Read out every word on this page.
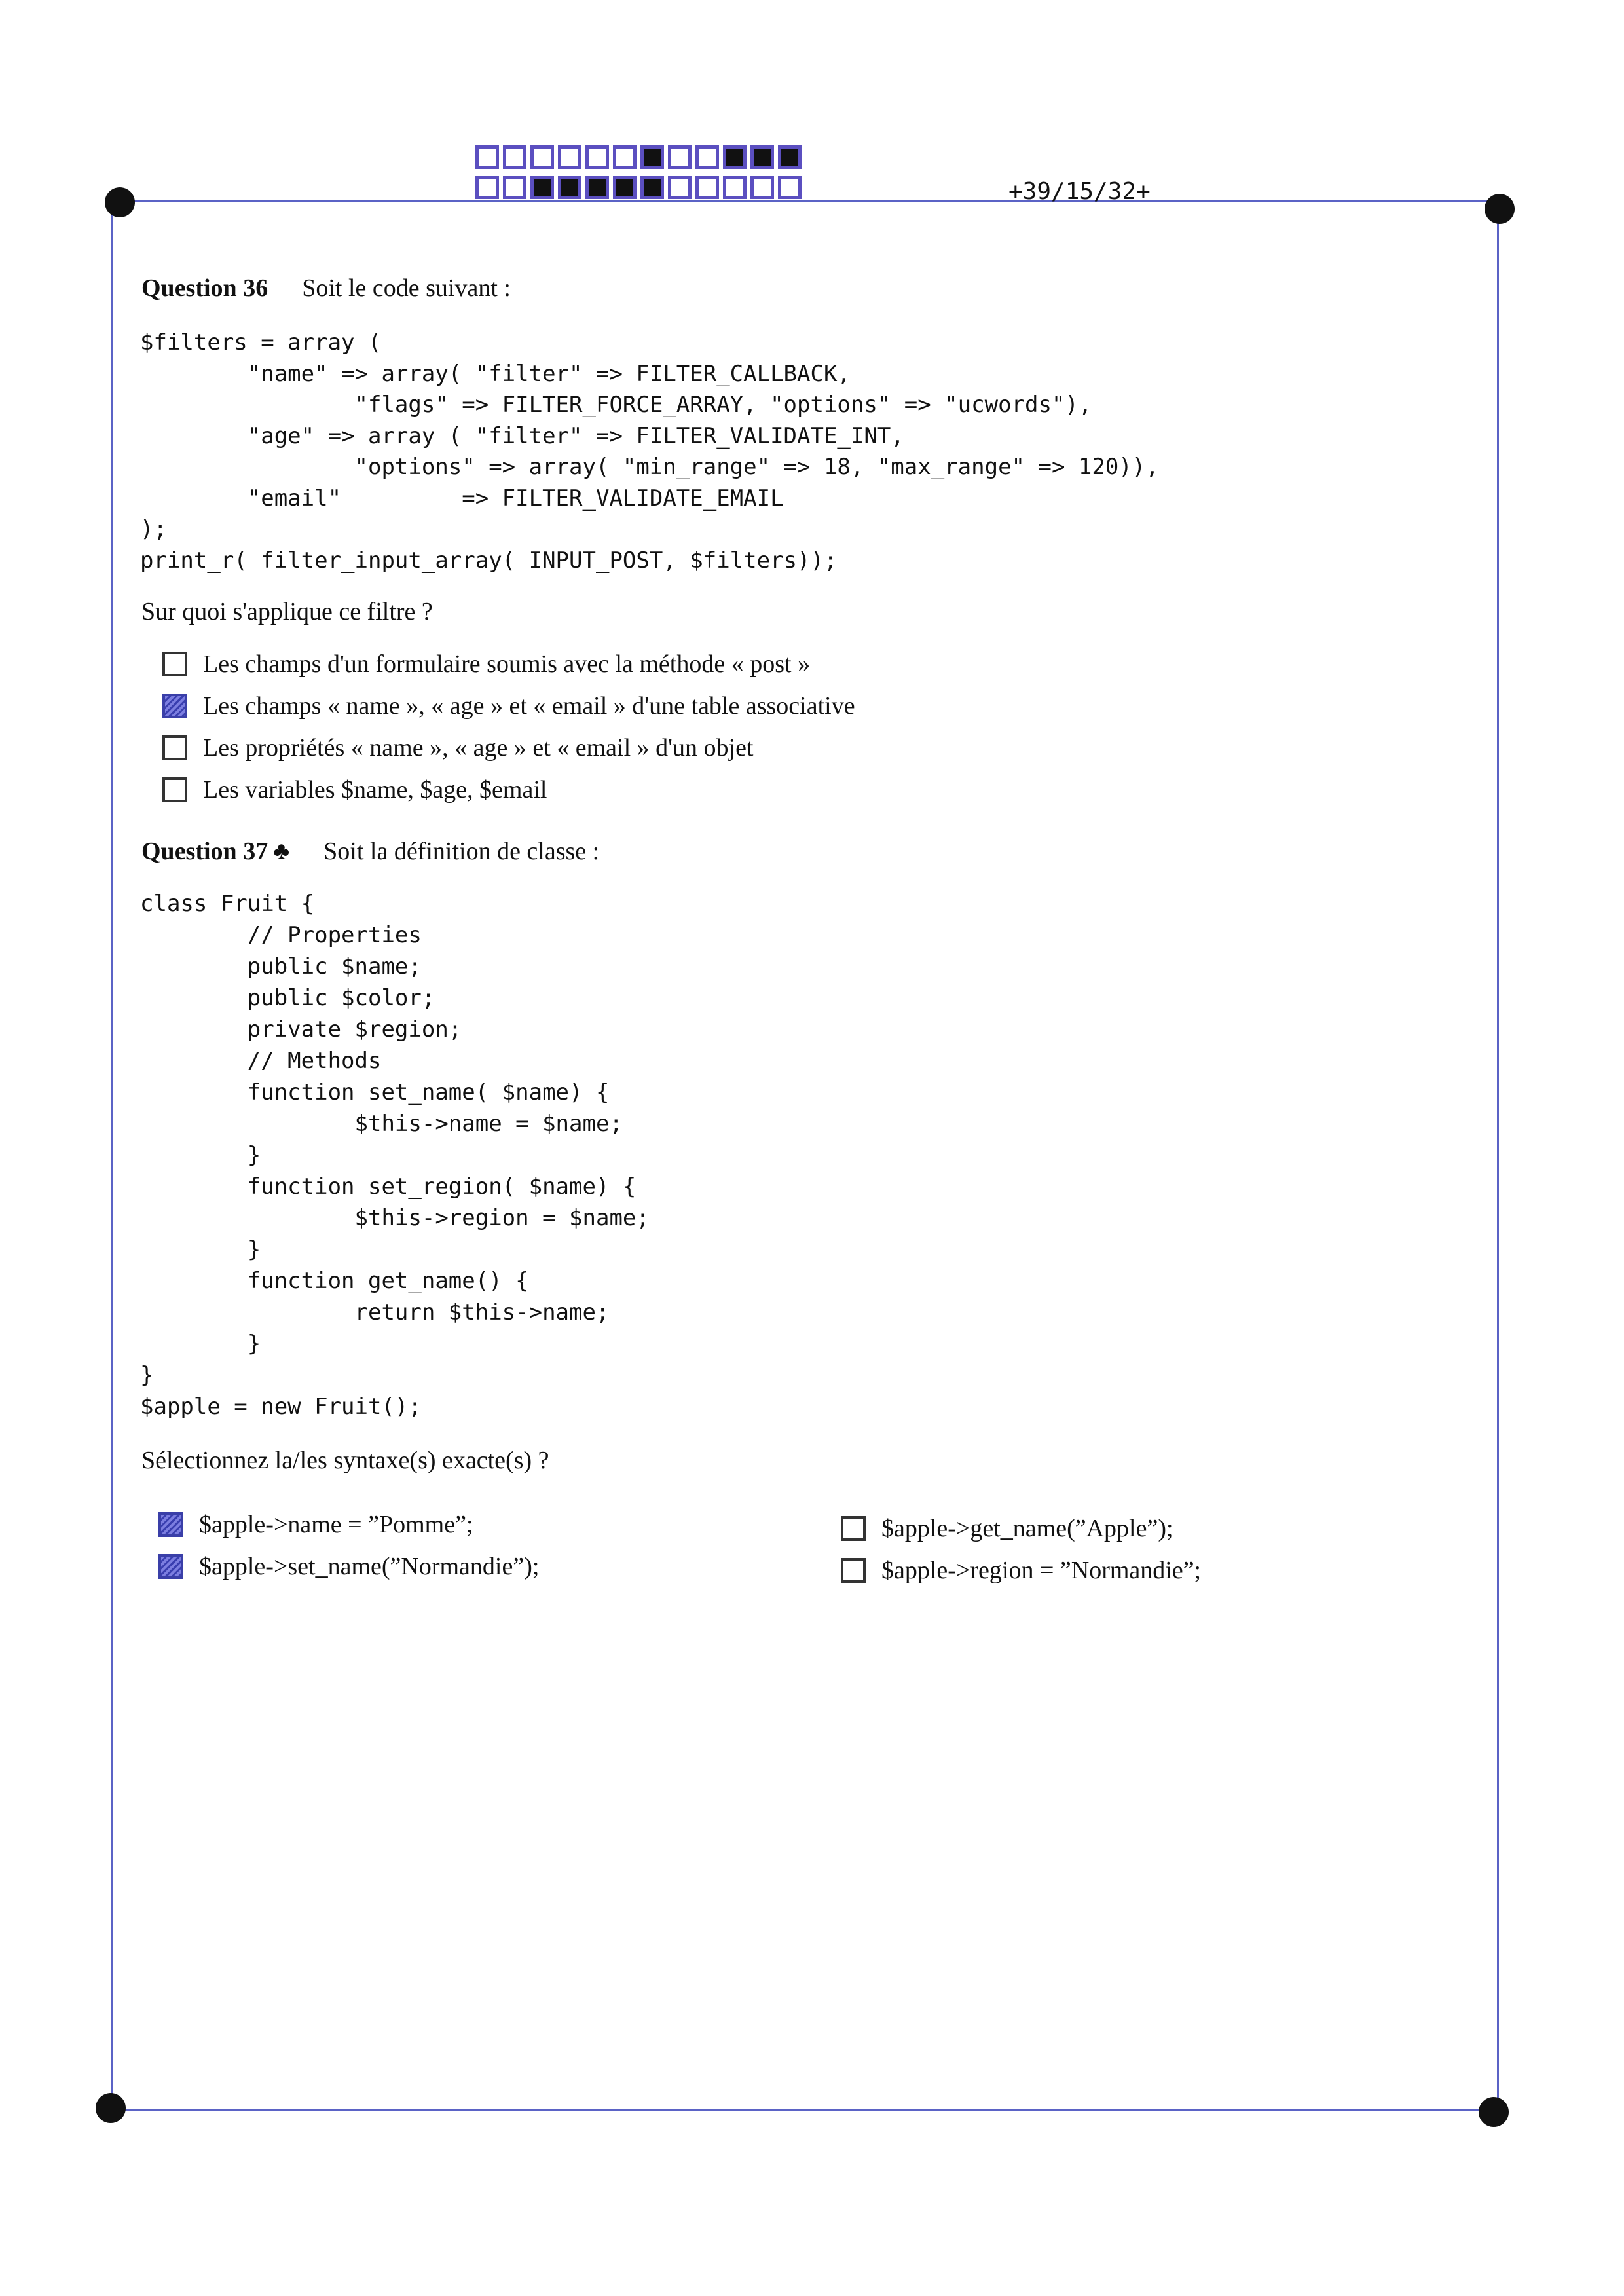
+39/15/32+
Question 36 Soit le code suivant :
$filters = array (
"name" => array( "filter" => FILTER_CALLBACK,
"flags" => FILTER_FORCE_ARRAY, "options" => "ucwords"),
"age" => array ( "filter" => FILTER_VALIDATE_INT,
"options" => array( "min_range" => 18, "max_range" => 120)),
"email"         => FILTER_VALIDATE_EMAIL
);
print_r( filter_input_array( INPUT_POST, $filters));
Sur quoi s'applique ce filtre ?
Les champs d'un formulaire soumis avec la méthode « post »
Les champs « name », « age » et « email » d'une table associative
Les propriétés « name », « age » et « email » d'un objet
Les variables $name, $age, $email
Question 37 ♣ Soit la définition de classe :
class Fruit {
// Properties
public $name;
public $color;
private $region;
// Methods
function set_name( $name) {
$this->name = $name;
}
function set_region( $name) {
$this->region = $name;
}
function get_name() {
return $this->name;
}
}
$apple = new Fruit();
Sélectionnez la/les syntaxe(s) exacte(s) ?
$apple->name = ”Pomme”;
$apple->set_name(”Normandie”);
$apple->get_name(”Apple”);
$apple->region = ”Normandie”;
